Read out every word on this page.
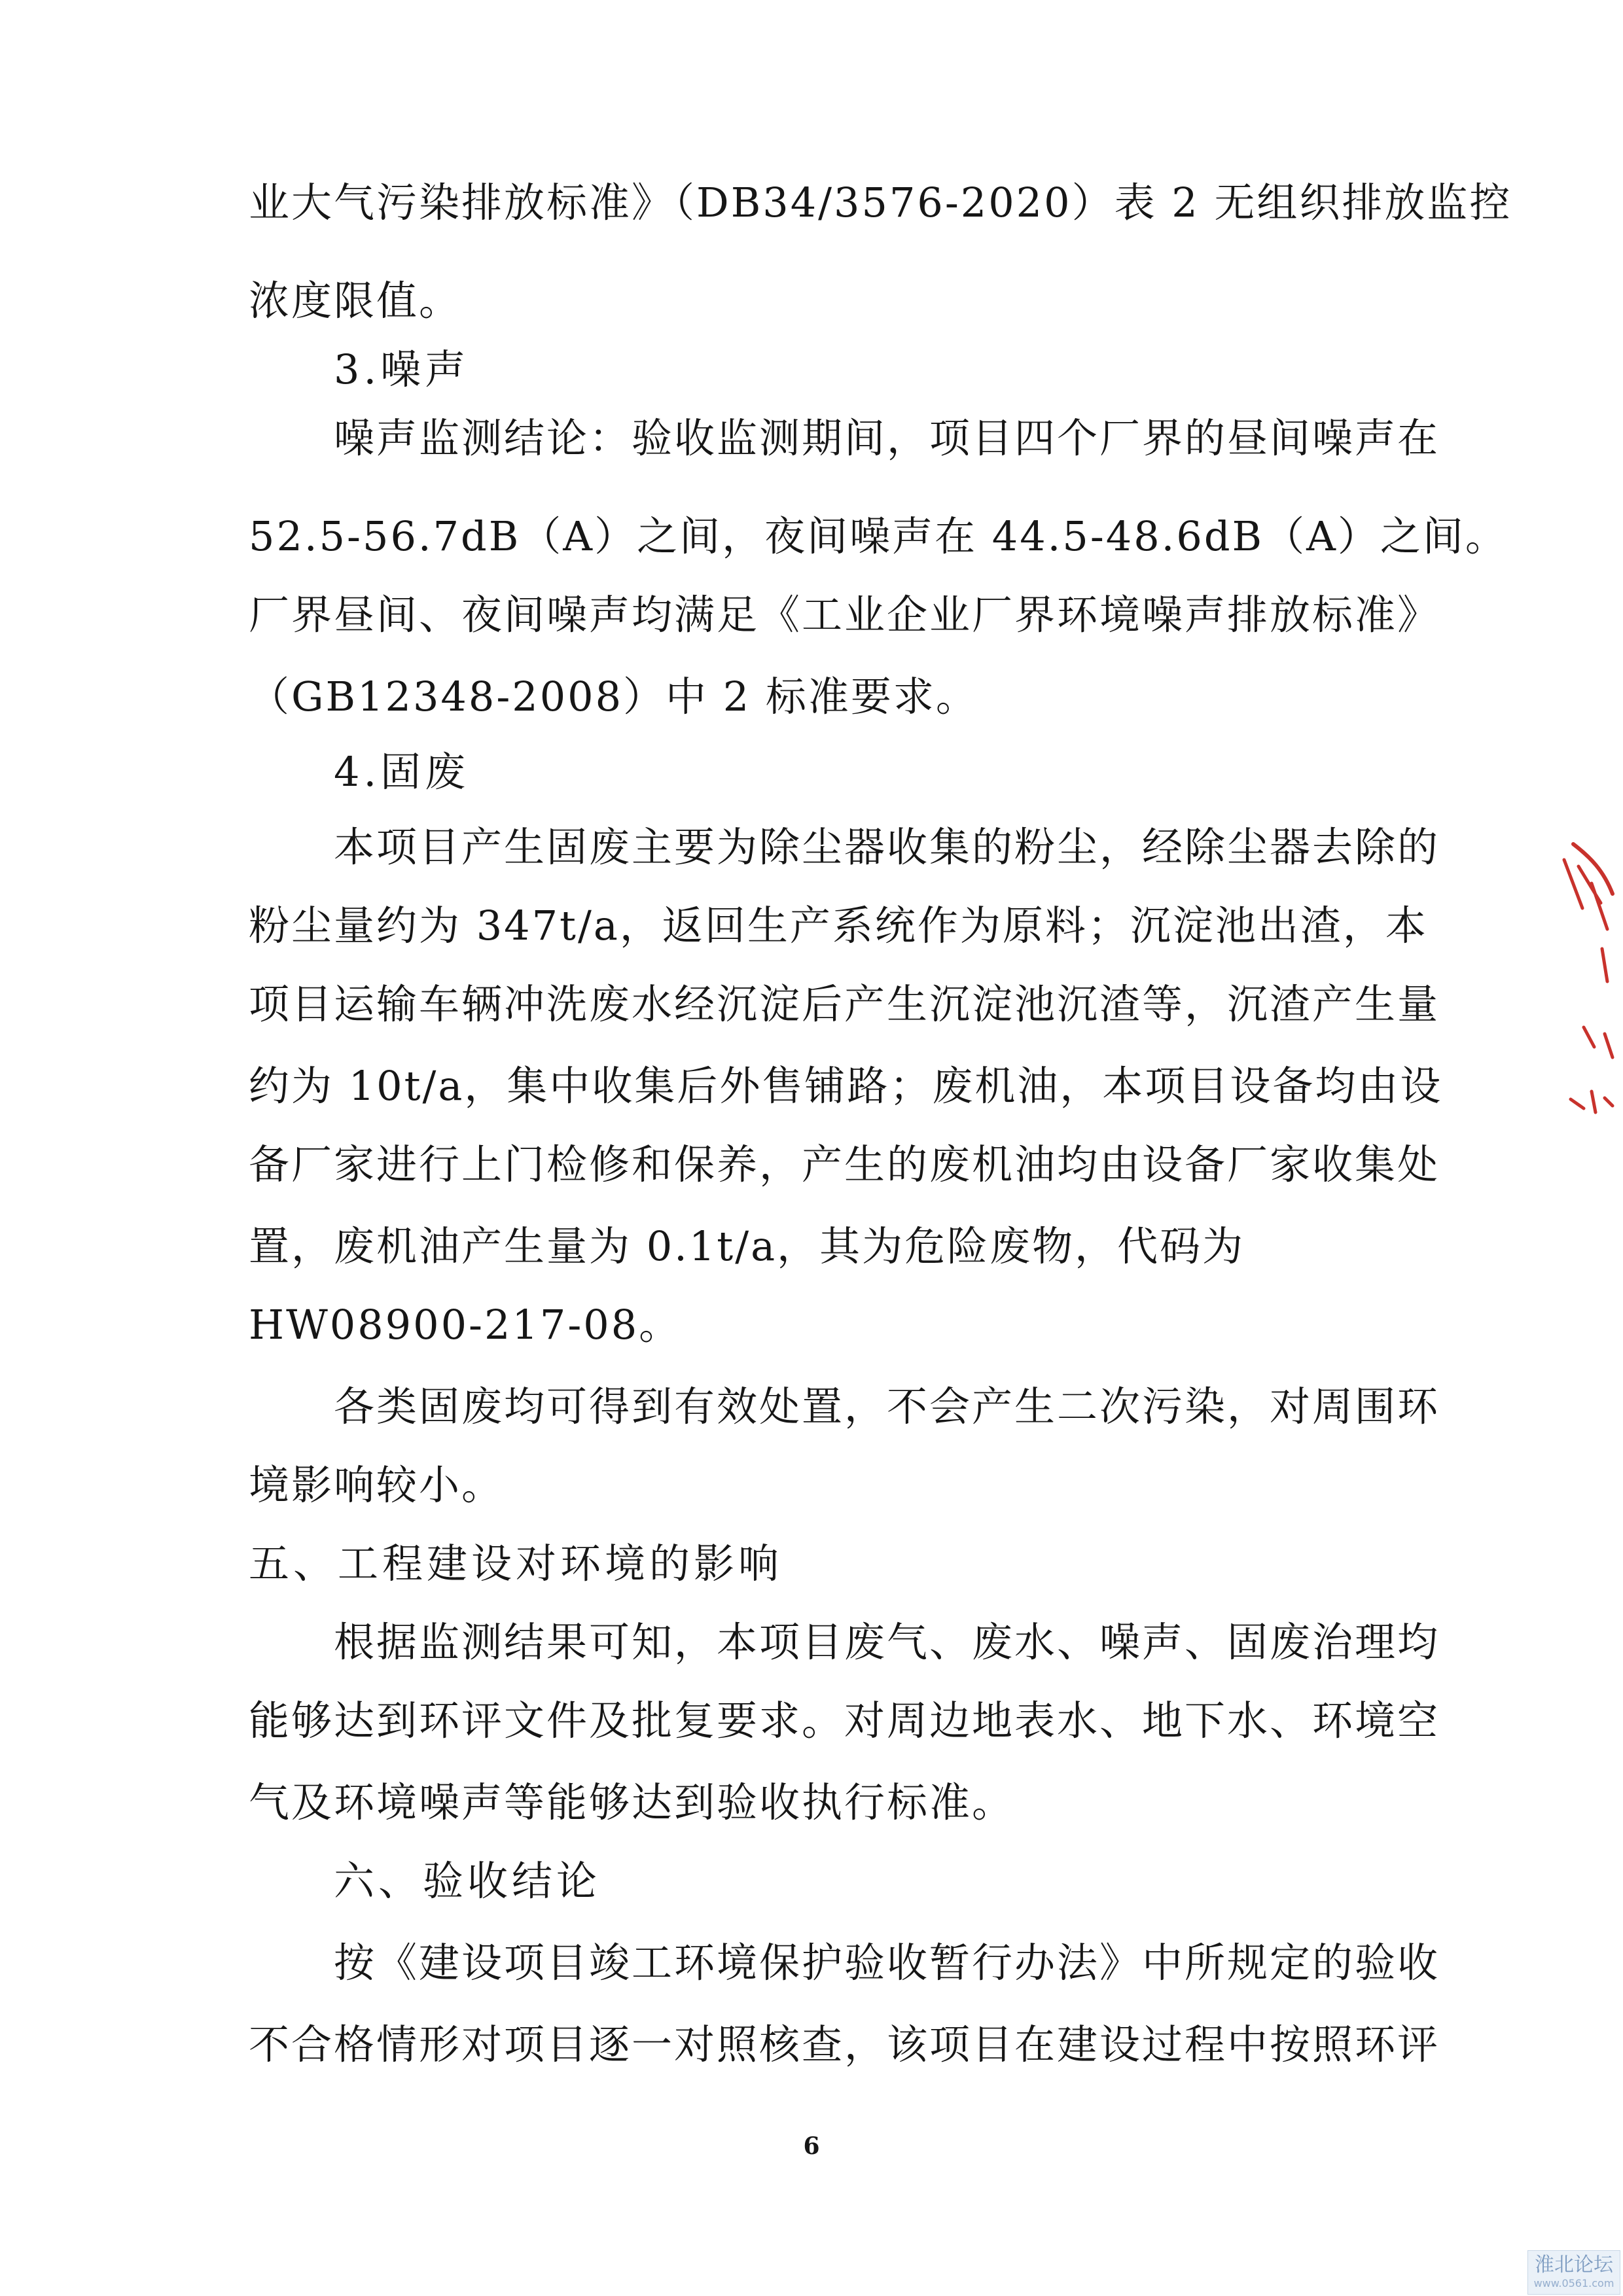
业大气污染排放标准》（DB34/3576-2020）表 2 无组织排放监控
浓度限值。
3.噪声
噪声监测结论：验收监测期间，项目四个厂界的昼间噪声在
52.5-56.7dB（A）之间，夜间噪声在 44.5-48.6dB（A）之间。
厂界昼间、夜间噪声均满足《工业企业厂界环境噪声排放标准》
（GB12348-2008）中 2 标准要求。
4.固废
本项目产生固废主要为除尘器收集的粉尘，经除尘器去除的
粉尘量约为 347t/a，返回生产系统作为原料；沉淀池出渣，本
项目运输车辆冲洗废水经沉淀后产生沉淀池沉渣等，沉渣产生量
约为 10t/a，集中收集后外售铺路；废机油，本项目设备均由设
备厂家进行上门检修和保养，产生的废机油均由设备厂家收集处
置，废机油产生量为 0.1t/a，其为危险废物，代码为
HW08900-217-08。
各类固废均可得到有效处置，不会产生二次污染，对周围环
境影响较小。
五、工程建设对环境的影响
根据监测结果可知，本项目废气、废水、噪声、固废治理均
能够达到环评文件及批复要求。对周边地表水、地下水、环境空
气及环境噪声等能够达到验收执行标准。
六、验收结论
按《建设项目竣工环境保护验收暂行办法》中所规定的验收
不合格情形对项目逐一对照核查，该项目在建设过程中按照环评
6
淮北论坛
www.0561.com
